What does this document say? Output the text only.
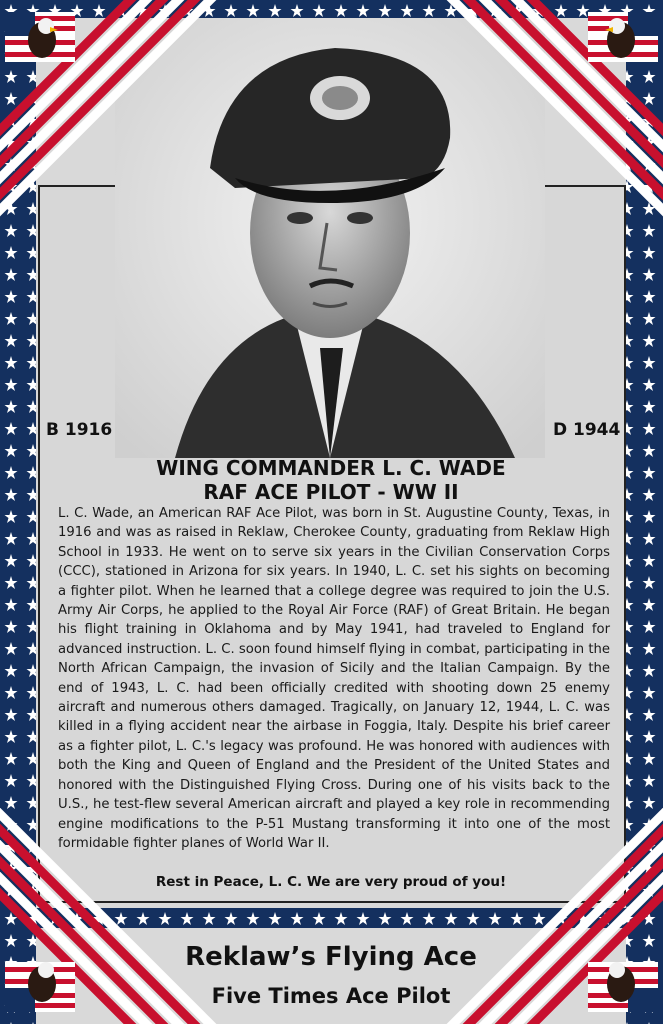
B 1916	D 1944
WING COMMANDER L. C. WADE
RAF ACE PILOT - WW II
L. C. Wade, an American RAF Ace Pilot, was born in St. Augustine County, Texas, in 1916 and was as raised in Reklaw, Cherokee County, graduating from Reklaw High School in 1933. He went on to serve six years in the Civilian Conservation Corps (CCC), stationed in Arizona for six years. In 1940, L. C. set his sights on becoming a fighter pilot. When he learned that a college degree was required to join the U.S. Army Air Corps, he applied to the Royal Air Force (RAF) of Great Britain. He began his flight training in Oklahoma and by May 1941, had traveled to England for advanced instruction. L. C. soon found himself flying in combat, participating in the North African Campaign, the invasion of Sicily and the Italian Campaign. By the end of 1943, L. C. had been officially credited with shooting down 25 enemy aircraft and numerous others damaged. Tragically, on January 12, 1944, L. C. was killed in a flying accident near the airbase in Foggia, Italy. Despite his brief career as a fighter pilot, L. C.'s legacy was profound. He was honored with audiences with both the King and Queen of England and the President of the United States and honored with the Distinguished Flying Cross. During one of his visits back to the U.S., he test-flew several American aircraft and played a key role in recommending engine modifications to the P-51 Mustang transforming it into one of the most formidable fighter planes of World War II.
Rest in Peace, L. C. We are very proud of you!
Reklaw’s Flying Ace
Five Times Ace Pilot
